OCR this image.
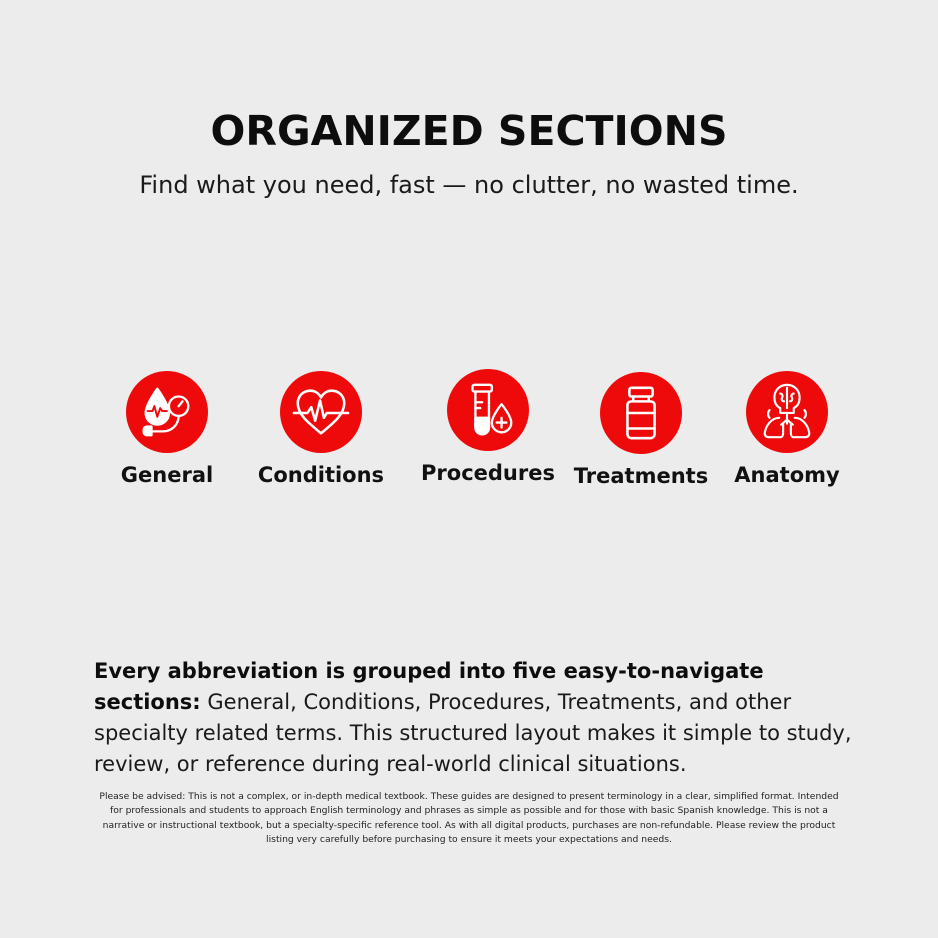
ORGANIZED SECTIONS
Find what you need, fast — no clutter, no wasted time.
General	Conditions	Procedures Treatments	Anatomy
Every abbreviation is grouped into five easy-to-navigate sections: General, Conditions, Procedures, Treatments, and other specialty related terms. This structured layout makes it simple to study, review, or reference during real-world clinical situations.
Please be advised: This is not a complex, or in-depth medical textbook. These guides are designed to present terminology in a clear, simplified format. Intended for professionals and students to approach English terminology and phrases as simple as possible and for those with basic Spanish knowledge. This is not a narrative or instructional textbook, but a specialty-specific reference tool. As with all digital products, purchases are non-refundable. Please review the product listing very carefully before purchasing to ensure it meets your expectations and needs.
